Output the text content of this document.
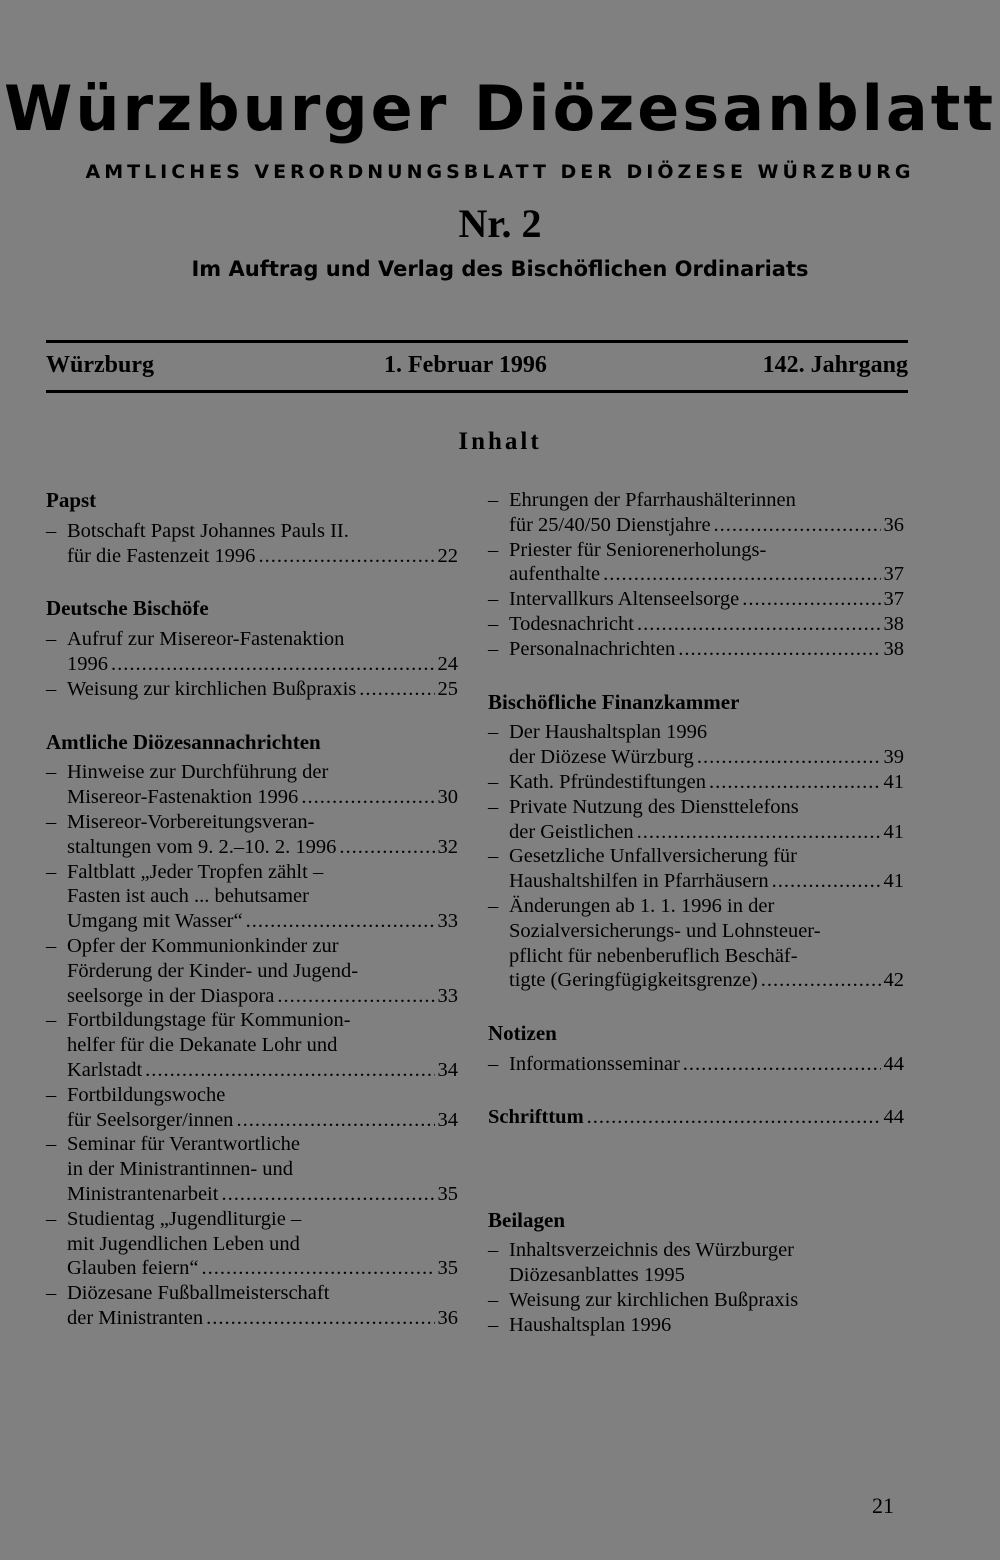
Würzburger Diözesanblatt
AMTLICHES VERORDNUNGSBLATT DER DIÖZESE WÜRZBURG
Nr. 2
Im Auftrag und Verlag des Bischöflichen Ordinariats
Würzburg	1. Februar 1996	142. Jahrgang
Inhalt
Papst
– Botschaft Papst Johannes Pauls II.
für die Fastenzeit 1996 .....	22
Deutsche Bischöfe
– Aufruf zur Misereor-Fastenaktion
1996 .....	24
– Weisung zur kirchlichen Bußpraxis .....	25
Amtliche Diözesannachrichten
– Hinweise zur Durchführung der
Misereor-Fastenaktion 1996 .....	30
– Misereor-Vorbereitungsveran-
staltungen vom 9. 2.–10. 2. 1996 .....	32
– Faltblatt „Jeder Tropfen zählt –
Fasten ist auch ... behutsamer
Umgang mit Wasser“ .....	33
– Opfer der Kommunionkinder zur
Förderung der Kinder- und Jugend-
seelsorge in der Diaspora .....	33
– Fortbildungstage für Kommunion-
helfer für die Dekanate Lohr und
Karlstadt .....	34
– Fortbildungswoche
für Seelsorger/innen .....	34
– Seminar für Verantwortliche
in der Ministrantinnen- und
Ministrantenarbeit .....	35
– Studientag „Jugendliturgie –
mit Jugendlichen Leben und
Glauben feiern“ .....	35
– Diözesane Fußballmeisterschaft
der Ministranten .....	36
– Ehrungen der Pfarrhaushälterinnen
für 25/40/50 Dienstjahre .....	36
– Priester für Seniorenerholungs-
aufenthalte .....	37
– Intervallkurs Altenseelsorge .....	37
– Todesnachricht .....	38
– Personalnachrichten .....	38
Bischöfliche Finanzkammer
– Der Haushaltsplan 1996
der Diözese Würzburg .....	39
– Kath. Pfründestiftungen .....	41
– Private Nutzung des Diensttelefons
der Geistlichen .....	41
– Gesetzliche Unfallversicherung für
Haushaltshilfen in Pfarrhäusern .....	41
– Änderungen ab 1. 1. 1996 in der
Sozialversicherungs- und Lohnsteuer-
pflicht für nebenberuflich Beschäf-
tigte (Geringfügigkeitsgrenze) .....	42
Notizen
– Informationsseminar .....	44
Schrifttum .....	44
Beilagen
– Inhaltsverzeichnis des Würzburger
Diözesanblattes 1995
– Weisung zur kirchlichen Bußpraxis
– Haushaltsplan 1996
21
